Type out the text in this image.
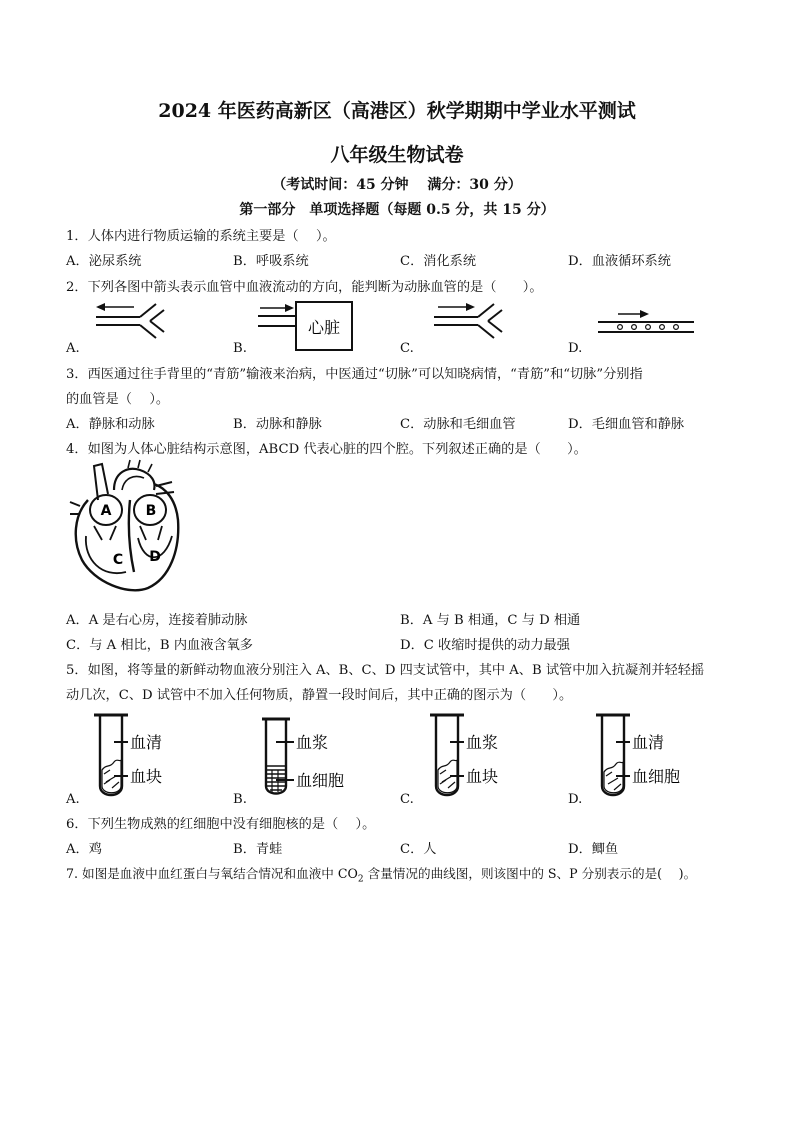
2024 年医药高新区（高港区）秋学期期中学业水平测试
八年级生物试卷
（考试时间：45 分钟　 满分：30 分）
第一部分　单项选择题（每题 0.5 分，共 15 分）
1．人体内进行物质运输的系统主要是（　 ）。
A．泌尿系统	B．呼吸系统	C．消化系统	D．血液循环系统
2．下列各图中箭头表示血管中血液流动的方向，能判断为动脉血管的是（　　）。
A.
心脏
B.	C.	D.
3．西医通过往手背里的“青筋”输液来治病，中医通过“切脉”可以知晓病情，“青筋”和“切脉”分别指
的血管是（　 ）。
A．静脉和动脉	B．动脉和静脉	C．动脉和毛细血管	D．毛细血管和静脉
4．如图为人体心脏结构示意图，ABCD 代表心脏的四个腔。下列叙述正确的是（　　）。
A B
C D
A．A 是右心房，连接着肺动脉	B．A 与 B 相通，C 与 D 相通
C．与 A 相比，B 内血液含氧多	D．C 收缩时提供的动力最强
5．如图，将等量的新鲜动物血液分别注入 A、B、C、D 四支试管中，其中 A、B 试管中加入抗凝剂并轻轻摇
动几次，C、D 试管中不加入任何物质，静置一段时间后，其中正确的图示为（　　）。
血清
血块
A.
血浆
血细胞
B.
血浆
血块
C.
血清
血细胞
D.
6．下列生物成熟的红细胞中没有细胞核的是（　 ）。
A．鸡	B．青蛙	C．人	D．鲫鱼
7. 如图是血液中血红蛋白与氧结合情况和血液中 $CO_2$ 含量情况的曲线图，则该图中的 S、P 分别表示的是(　 )。
